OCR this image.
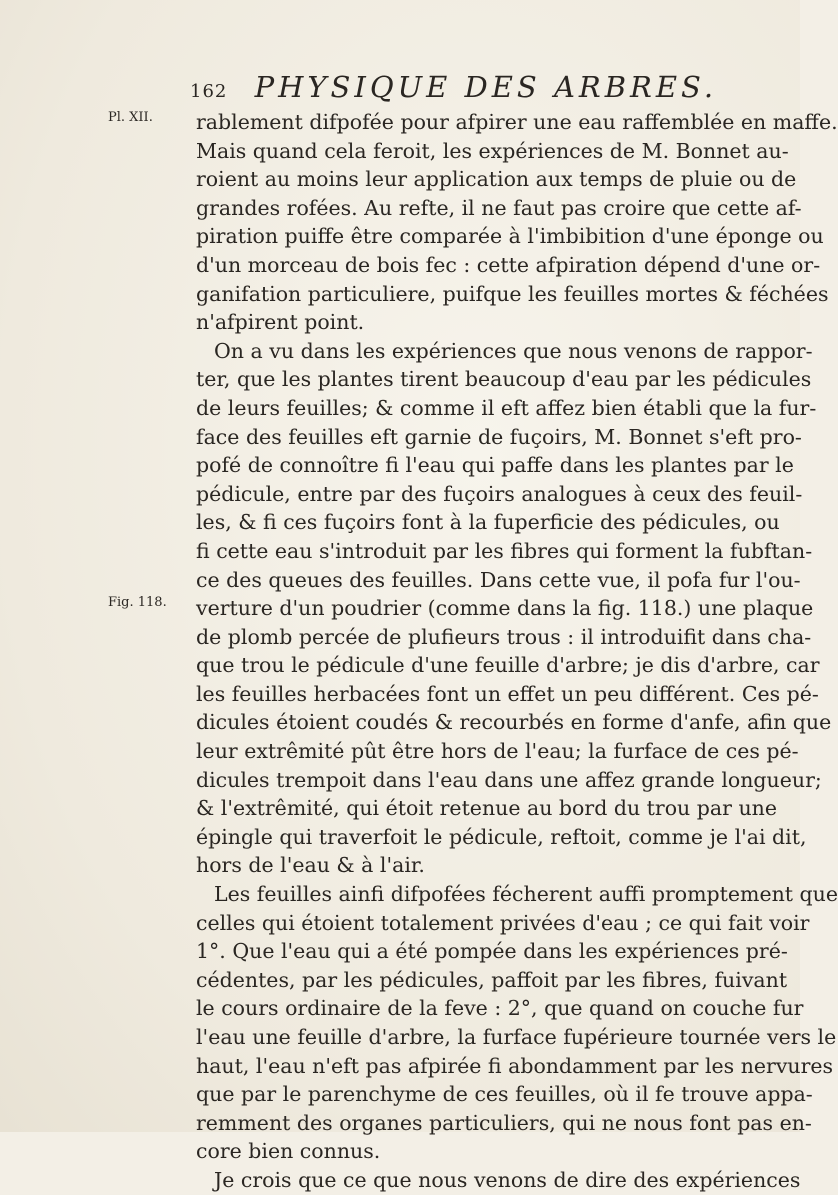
162 PHYSIQUE DES ARBRES.
Pl. XII.
Fig. 118.
rablement difpofée pour afpirer une eau raffemblée en maffe.
Mais quand cela feroit, les expériences de M. Bonnet au-
roient au moins leur application aux temps de pluie ou de
grandes rofées. Au refte, il ne faut pas croire que cette af-
piration puiffe être comparée à l'imbibition d'une éponge ou
d'un morceau de bois fec : cette afpiration dépend d'une or-
ganifation particuliere, puifque les feuilles mortes & féchées
n'afpirent point.
On a vu dans les expériences que nous venons de rappor-
ter, que les plantes tirent beaucoup d'eau par les pédicules
de leurs feuilles; & comme il eft affez bien établi que la fur-
face des feuilles eft garnie de fuçoirs, M. Bonnet s'eft pro-
pofé de connoître fi l'eau qui paffe dans les plantes par le
pédicule, entre par des fuçoirs analogues à ceux des feuil-
les, & fi ces fuçoirs font à la fuperficie des pédicules, ou
fi cette eau s'introduit par les fibres qui forment la fubftan-
ce des queues des feuilles. Dans cette vue, il pofa fur l'ou-
verture d'un poudrier (comme dans la fig. 118.) une plaque
de plomb percée de plufieurs trous : il introduifit dans cha-
que trou le pédicule d'une feuille d'arbre; je dis d'arbre, car
les feuilles herbacées font un effet un peu différent. Ces pé-
dicules étoient coudés & recourbés en forme d'anfe, afin que
leur extrêmité pût être hors de l'eau; la furface de ces pé-
dicules trempoit dans l'eau dans une affez grande longueur;
& l'extrêmité, qui étoit retenue au bord du trou par une
épingle qui traverfoit le pédicule, reftoit, comme je l'ai dit,
hors de l'eau & à l'air.
Les feuilles ainfi difpofées fécherent auffi promptement que
celles qui étoient totalement privées d'eau ; ce qui fait voir
1°. Que l'eau qui a été pompée dans les expériences pré-
cédentes, par les pédicules, paffoit par les fibres, fuivant
le cours ordinaire de la feve : 2°, que quand on couche fur
l'eau une feuille d'arbre, la furface fupérieure tournée vers le
haut, l'eau n'eft pas afpirée fi abondamment par les nervures
que par le parenchyme de ces feuilles, où il fe trouve appa-
remment des organes particuliers, qui ne nous font pas en-
core bien connus.
Je crois que ce que nous venons de dire des expériences
